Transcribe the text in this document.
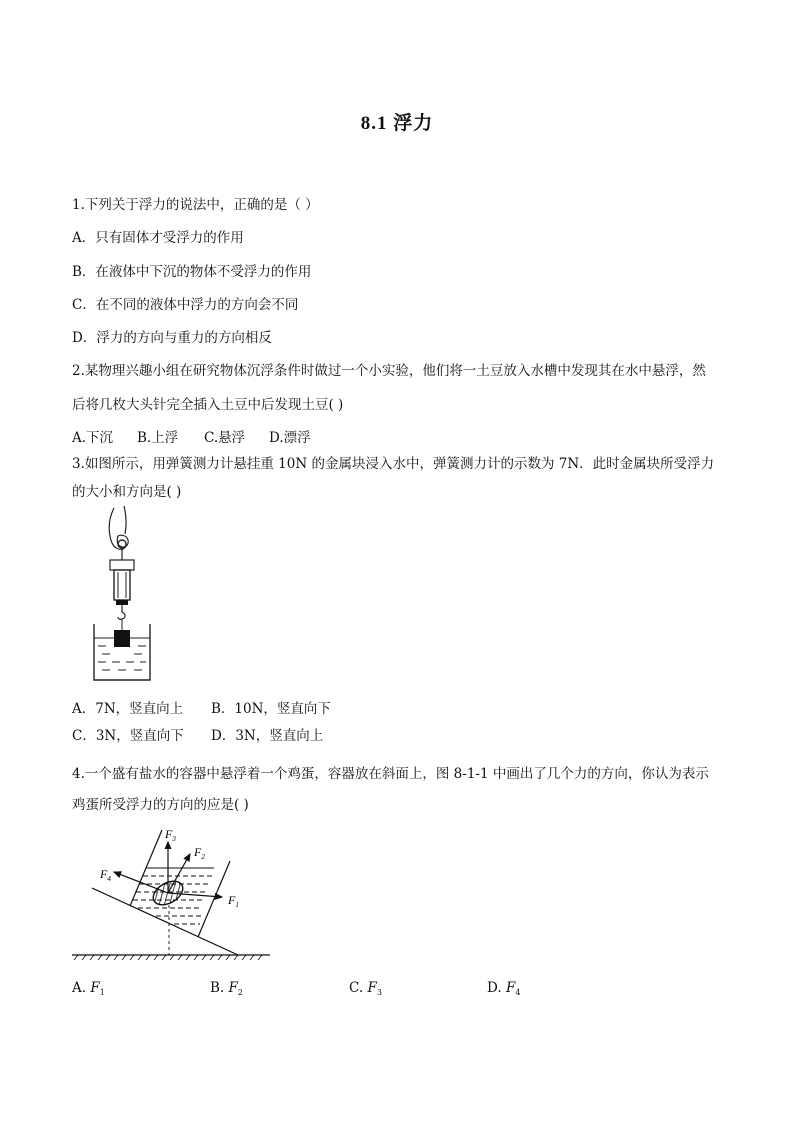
8.1 浮力
1.下列关于浮力的说法中，正确的是（ ）
A．只有固体才受浮力的作用
B．在液体中下沉的物体不受浮力的作用
C．在不同的液体中浮力的方向会不同
D．浮力的方向与重力的方向相反
2.某物理兴趣小组在研究物体沉浮条件时做过一个小实验，他们将一土豆放入水槽中发现其在水中悬浮，然
后将几枚大头针完全插入土豆中后发现土豆( )
A.下沉 B.上浮 C.悬浮 D.漂浮
3.如图所示，用弹簧测力计悬挂重 10N 的金属块浸入水中，弹簧测力计的示数为 7N．此时金属块所受浮力
的大小和方向是( )
A．7N，竖直向上 B．10N，竖直向下
C．3N，竖直向下 D．3N，竖直向上
4.一个盛有盐水的容器中悬浮着一个鸡蛋，容器放在斜面上，图 8-1-1 中画出了几个力的方向，你认为表示
鸡蛋所受浮力的方向的应是( )
$F_3$
$F_2$
$F_1$
$F_4$
A. $F_1$	B. $F_2$	C. $F_3$	D. $F_4$
